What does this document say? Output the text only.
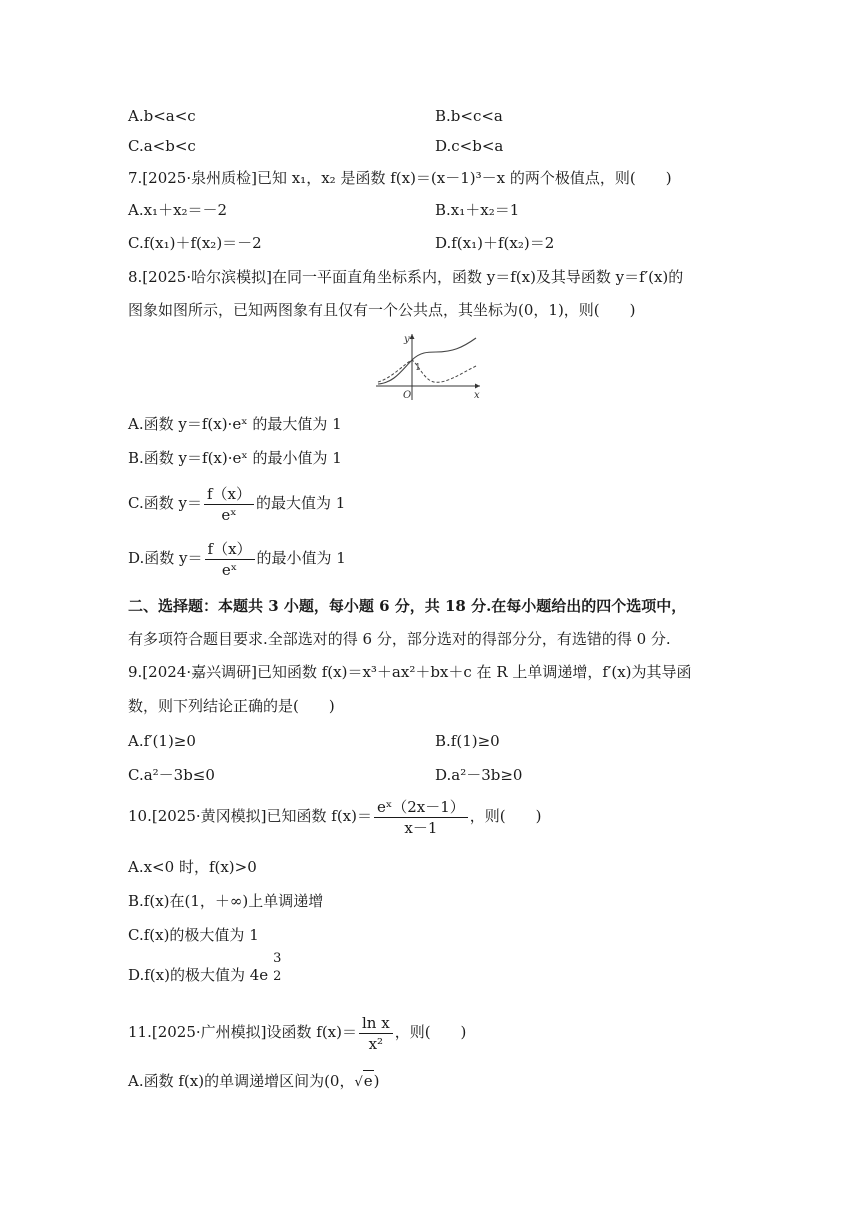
A.b<a<c	B.b<c<a
C.a<b<c	D.c<b<a
7.[2025·泉州质检]已知 x₁，x₂ 是函数 f(x)＝(x－1)³－x 的两个极值点，则(　　)
A.x₁＋x₂＝－2	B.x₁＋x₂＝1
C.f(x₁)＋f(x₂)＝－2	D.f(x₁)＋f(x₂)＝2
8.[2025·哈尔滨模拟]在同一平面直角坐标系内，函数 y＝f(x)及其导函数 y＝f′(x)的
图象如图所示，已知两图象有且仅有一个公共点，其坐标为(0，1)，则(　　)
y
x
O
1
A.函数 y＝f(x)·eˣ 的最大值为 1
B.函数 y＝f(x)·eˣ 的最小值为 1
C.函数 $y= \frac{f(x)}{\text{eˣ}}$ 的最大值为 1
D.函数 $y= \frac{f(x)}{\text{eˣ}}$ 的最小值为 1
二、选择题：本题共 3 小题，每小题 6 分，共 18 分.在每小题给出的四个选项中，
有多项符合题目要求.全部选对的得 6 分，部分选对的得部分分，有选错的得 0 分.
9.[2024·嘉兴调研]已知函数 f(x)＝x³＋ax²＋bx＋c 在 R 上单调递增，f′(x)为其导函
数，则下列结论正确的是(　　)
A.f′(1)≥0	B.f(1)≥0
C.a²－3b≤0	D.a²－3b≥0
10.[2025·黄冈模拟]已知函数 $f(x)= \frac{\text{eˣ（2x－1）}}{x-1}$ ，则(　　)
A.x<0 时，f(x)>0
B.f(x)在(1，＋∞)上单调递增
C.f(x)的极大值为 1
D.f(x)的极大值为 4e
3
2
11.[2025·广州模拟]设函数 $f(x)= \frac{\text{ln x}}{\text{x²}}$ ，则(　　)
A.函数 f(x)的单调递增区间为(0，√e)
